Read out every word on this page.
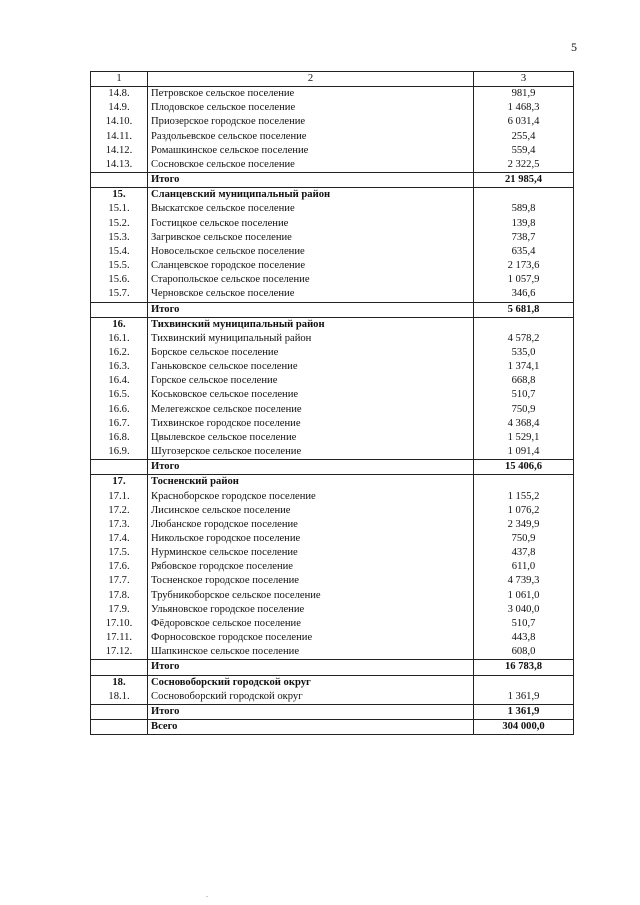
5
1	2	3
14.8.	Петровское сельское поселение	981,9
14.9.	Плодовское сельское поселение	1 468,3
14.10.	Приозерское городское поселение	6 031,4
14.11.	Раздольевское сельское поселение	255,4
14.12.	Ромашкинское сельское поселение	559,4
14.13.	Сосновское сельское поселение	2 322,5
	Итого	21 985,4
15.	Сланцевский муниципальный район	
15.1.	Выскатское сельское поселение	589,8
15.2.	Гостицкое сельское поселение	139,8
15.3.	Загривское сельское поселение	738,7
15.4.	Новосельское сельское поселение	635,4
15.5.	Сланцевское городское поселение	2 173,6
15.6.	Старопольское сельское поселение	1 057,9
15.7.	Черновское сельское поселение	346,6
	Итого	5 681,8
16.	Тихвинский муниципальный район	
16.1.	Тихвинский муниципальный район	4 578,2
16.2.	Борское сельское поселение	535,0
16.3.	Ганьковское сельское поселение	1 374,1
16.4.	Горское сельское поселение	668,8
16.5.	Коськовское сельское поселение	510,7
16.6.	Мелегежское сельское поселение	750,9
16.7.	Тихвинское городское поселение	4 368,4
16.8.	Цвылевское сельское поселение	1 529,1
16.9.	Шугозерское сельское поселение	1 091,4
	Итого	15 406,6
17.	Тосненский район	
17.1.	Красноборское городское поселение	1 155,2
17.2.	Лисинское сельское поселение	1 076,2
17.3.	Любанское городское поселение	2 349,9
17.4.	Никольское городское поселение	750,9
17.5.	Нурминское сельское поселение	437,8
17.6.	Рябовское городское поселение	611,0
17.7.	Тосненское городское поселение	4 739,3
17.8.	Трубникоборское сельское поселение	1 061,0
17.9.	Ульяновское городское поселение	3 040,0
17.10.	Фёдоровское сельское поселение	510,7
17.11.	Форносовское городское поселение	443,8
17.12.	Шапкинское сельское поселение	608,0
	Итого	16 783,8
18.	Сосновоборский городской округ	
18.1.	Сосновоборский городской округ	1 361,9
	Итого	1 361,9
	Всего	304 000,0
.
